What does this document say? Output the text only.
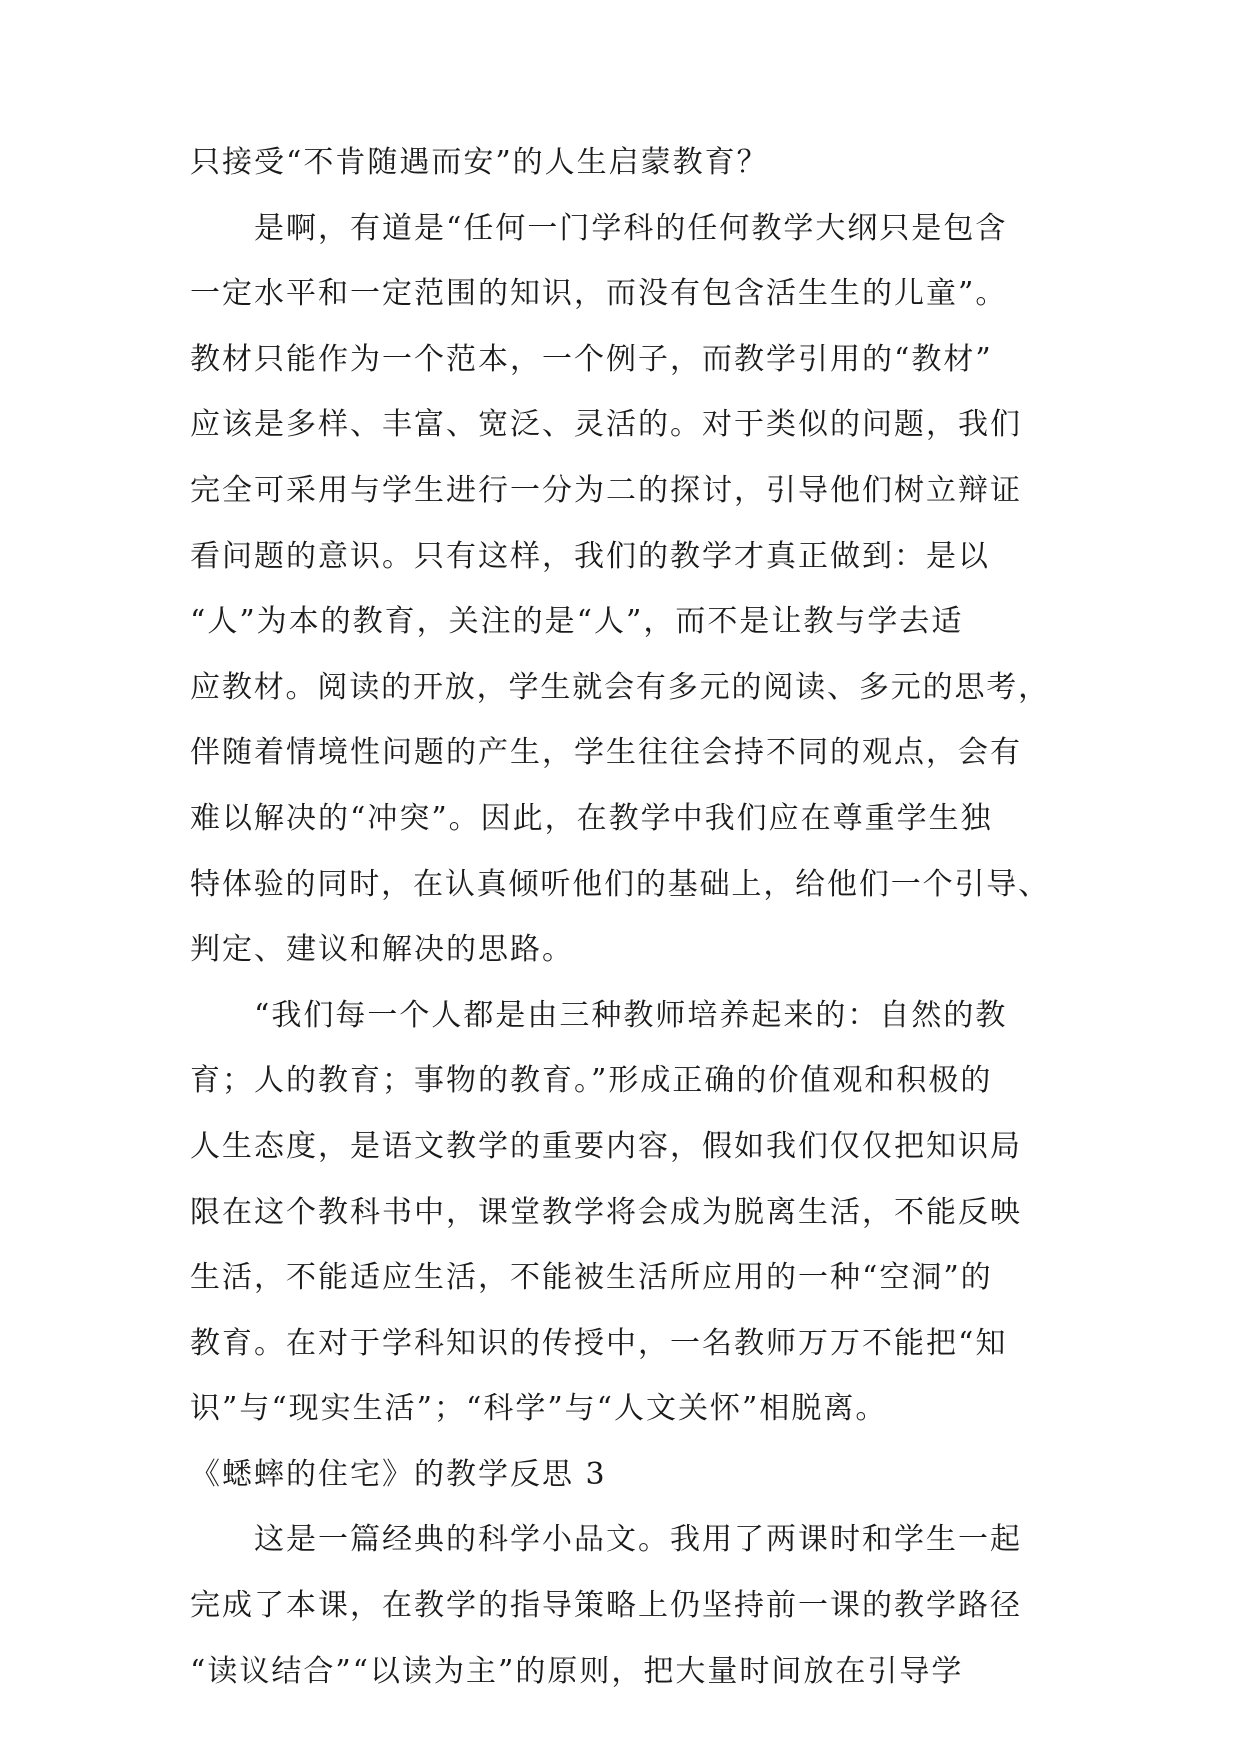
只接受“不肯随遇而安”的人生启蒙教育？
是啊，有道是“任何一门学科的任何教学大纲只是包含
一定水平和一定范围的知识，而没有包含活生生的儿童”。
教材只能作为一个范本，一个例子，而教学引用的“教材”
应该是多样、丰富、宽泛、灵活的。对于类似的问题，我们
完全可采用与学生进行一分为二的探讨，引导他们树立辩证
看问题的意识。只有这样，我们的教学才真正做到：是以
“人”为本的教育，关注的是“人”，而不是让教与学去适
应教材。阅读的开放，学生就会有多元的阅读、多元的思考，
伴随着情境性问题的产生，学生往往会持不同的观点，会有
难以解决的“冲突”。因此，在教学中我们应在尊重学生独
特体验的同时，在认真倾听他们的基础上，给他们一个引导、
判定、建议和解决的思路。
“我们每一个人都是由三种教师培养起来的：自然的教
育；人的教育；事物的教育。”形成正确的价值观和积极的
人生态度，是语文教学的重要内容，假如我们仅仅把知识局
限在这个教科书中，课堂教学将会成为脱离生活，不能反映
生活，不能适应生活，不能被生活所应用的一种“空洞”的
教育。在对于学科知识的传授中，一名教师万万不能把“知
识”与“现实生活”；“科学”与“人文关怀”相脱离。
《蟋蟀的住宅》的教学反思 3
这是一篇经典的科学小品文。我用了两课时和学生一起
完成了本课，在教学的指导策略上仍坚持前一课的教学路径
“读议结合”“以读为主”的原则，把大量时间放在引导学
